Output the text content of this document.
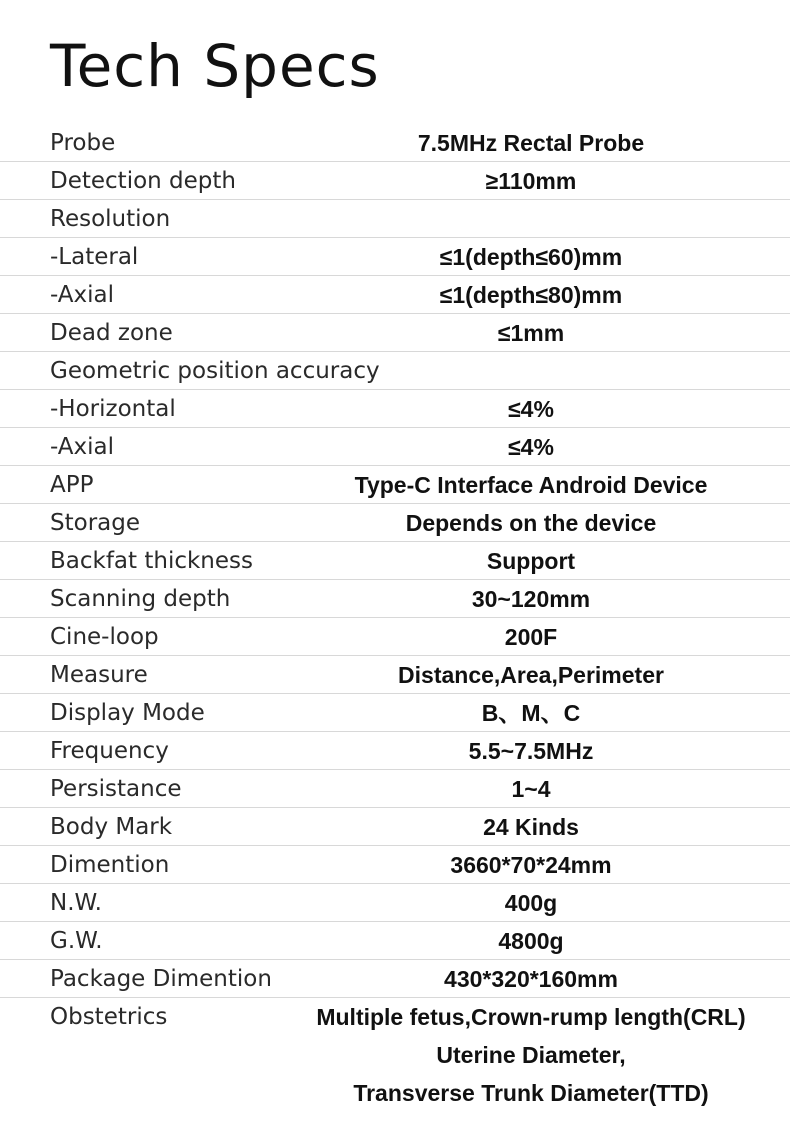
Tech Specs
Probe	7.5MHz Rectal Probe
Detection depth	≥110mm
Resolution
-Lateral	≤1(depth≤60)mm
-Axial	≤1(depth≤80)mm
Dead zone	≤1mm
Geometric position accuracy
-Horizontal	≤4%
-Axial	≤4%
APP	Type-C Interface Android Device
Storage	Depends on the device
Backfat thickness	Support
Scanning depth	30~120mm
Cine-loop	200F
Measure	Distance,Area,Perimeter
Display Mode	B、M、C
Frequency	5.5~7.5MHz
Persistance	1~4
Body Mark	24 Kinds
Dimention	3660*70*24mm
N.W.	400g
G.W.	4800g
Package Dimention	430*320*160mm
Obstetrics	Multiple fetus,Crown-rump length(CRL)
Uterine Diameter,
Transverse Trunk Diameter(TTD)
